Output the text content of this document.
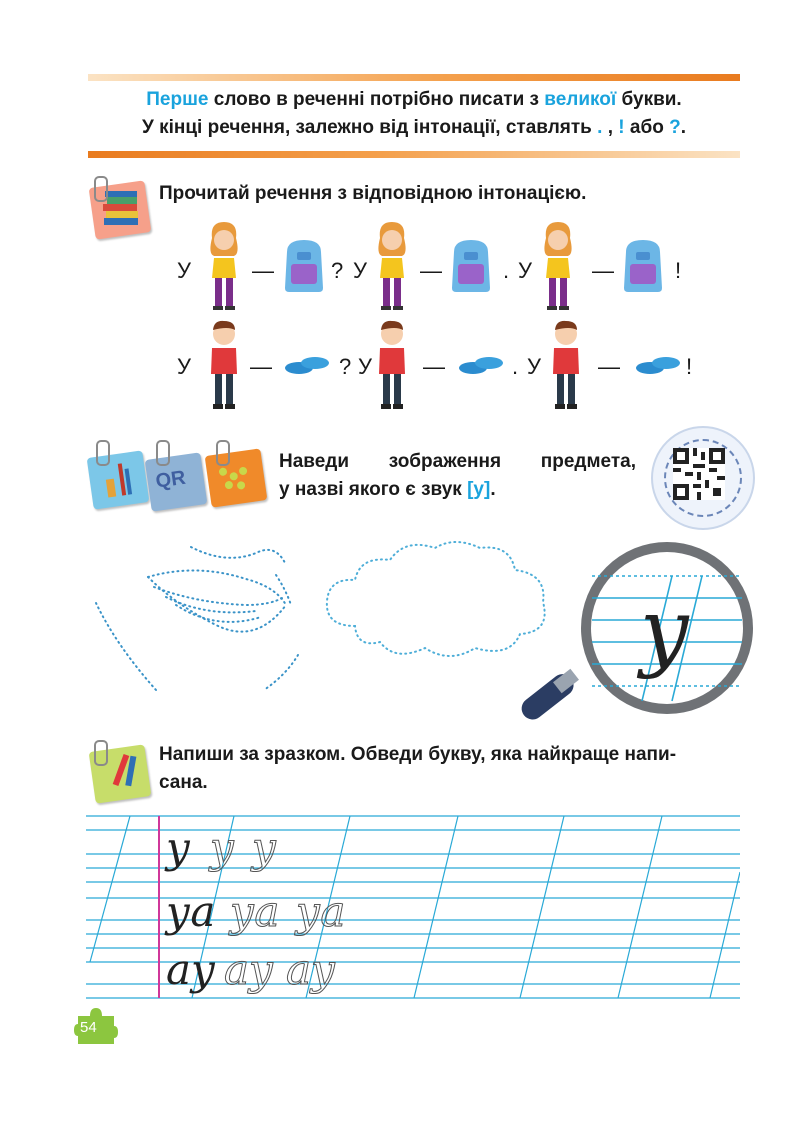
Перше слово в реченні потрібно писати з великої букви.
У кінці речення, залежно від інтонації, ставлять . , ! або ?.
Прочитай речення з відповідною інтонацією.
У	—	? У —	. У	—	!
У	—	? У —	. У	—	!
QR
Наведи зображення предмета,
у назві якого є звук [у].
у
Напиши за зразком. Обведи букву, яка найкраще напи-
сана.
у у у
уа уа уа
ау ау ау
54
